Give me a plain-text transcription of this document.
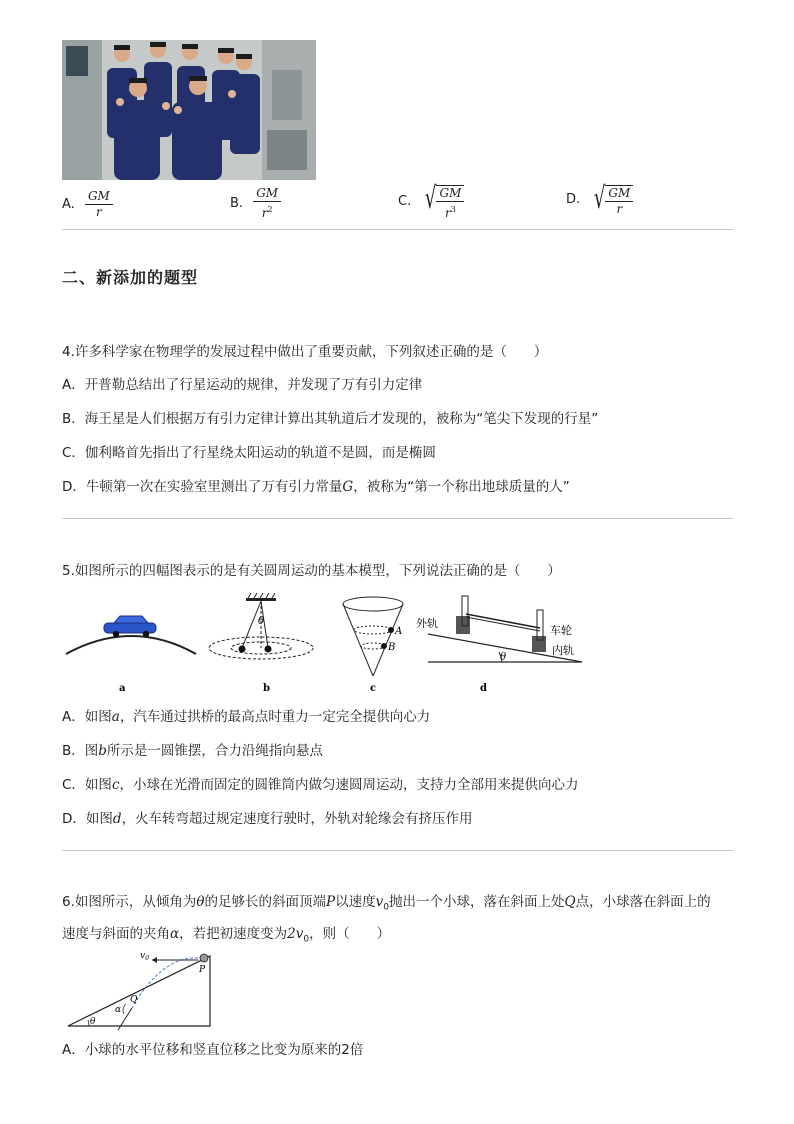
A. $\frac{GM}{r}$	B. $\frac{GM}{r^2}$	C. √ $\frac{GM}{r^3}$	D. √ $\frac{GM}{r}$
二、新添加的题型
4.许多科学家在物理学的发展过程中做出了重要贡献，下列叙述正确的是（　　）
A．开普勒总结出了行星运动的规律，并发现了万有引力定律
B．海王星是人们根据万有引力定律计算出其轨道后才发现的，被称为“笔尖下发现的行星”
C．伽利略首先指出了行星绕太阳运动的轨道不是圆，而是椭圆
D．牛顿第一次在实验室里测出了万有引力常量G，被称为“第一个称出地球质量的人”
5.如图所示的四幅图表示的是有关圆周运动的基本模型，下列说法正确的是（　　）
a
θ
b
A
B
c
外轨
车轮
内轨
θ
d
A．如图a，汽车通过拱桥的最高点时重力一定完全提供向心力
B．图b所示是一圆锥摆，合力沿绳指向悬点
C．如图c，小球在光滑而固定的圆锥筒内做匀速圆周运动，支持力全部用来提供向心力
D．如图d，火车转弯超过规定速度行驶时，外轨对轮缘会有挤压作用
6.如图所示，从倾角为θ的足够长的斜面顶端P以速度$v_0$抛出一个小球，落在斜面上处Q点，小球落在斜面上的
速度与斜面的夹角α，若把初速度变为$2v_0$，则（　　）
$v_0$
P
Q
α
θ
A．小球的水平位移和竖直位移之比变为原来的2倍
